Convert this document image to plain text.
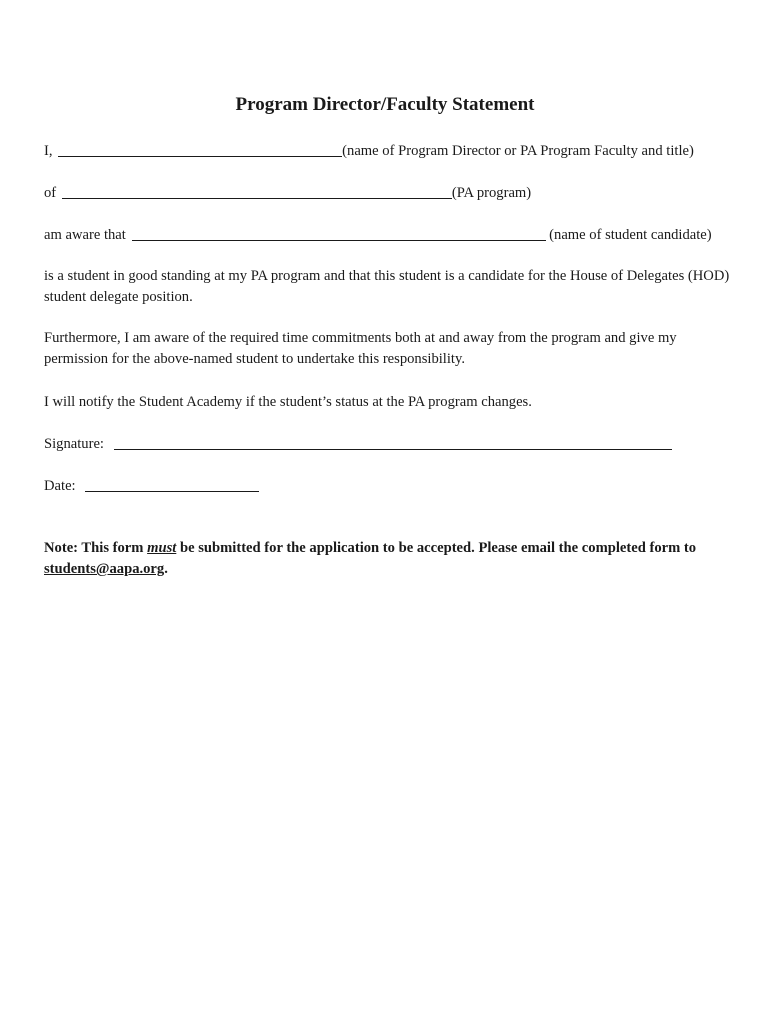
Program Director/Faculty Statement
I,	(name of Program Director or PA Program Faculty and title)
of	(PA program)
am aware that	(name of student candidate)
is a student in good standing at my PA program and that this student is a candidate for the House of Delegates (HOD) student delegate position.
Furthermore, I am aware of the required time commitments both at and away from the program and give my permission for the above-named student to undertake this responsibility.
I will notify the Student Academy if the student’s status at the PA program changes.
Signature:
Date:
Note: This form must be submitted for the application to be accepted. Please email the completed form to students@aapa.org.
